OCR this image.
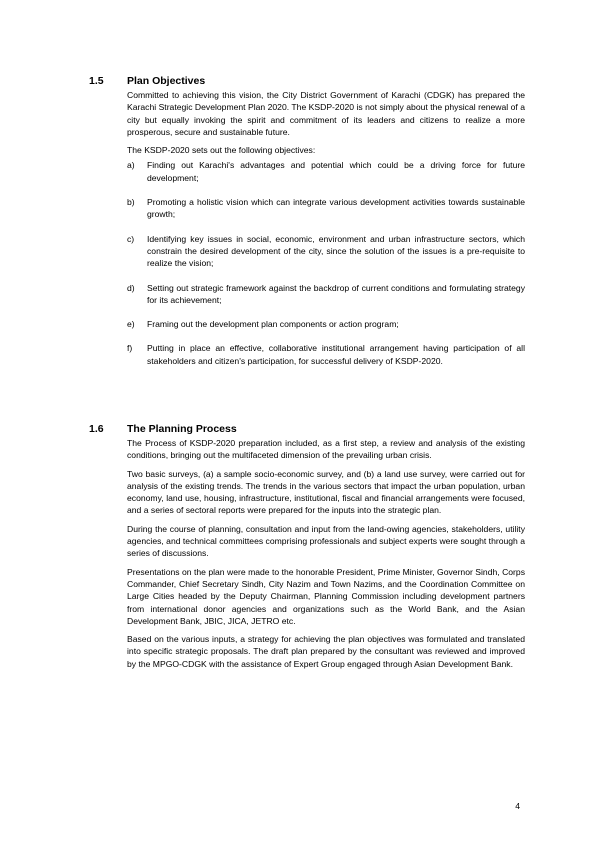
1.5 Plan Objectives

Committed to achieving this vision, the City District Government of Karachi (CDGK) has prepared the Karachi Strategic Development Plan 2020. The KSDP-2020 is not simply about the physical renewal of a city but equally invoking the spirit and commitment of its leaders and citizens to realize a more prosperous, secure and sustainable future.

The KSDP-2020 sets out the following objectives:

a) Finding out Karachi's advantages and potential which could be a driving force for future development;
b) Promoting a holistic vision which can integrate various development activities towards sustainable growth;
c) Identifying key issues in social, economic, environment and urban infrastructure sectors, which constrain the desired development of the city, since the solution of the issues is a pre-requisite to realize the vision;
d) Setting out strategic framework against the backdrop of current conditions and formulating strategy for its achievement;
e) Framing out the development plan components or action program;
f) Putting in place an effective, collaborative institutional arrangement having participation of all stakeholders and citizen's participation, for successful delivery of KSDP-2020.
1.6 The Planning Process

The Process of KSDP-2020 preparation included, as a first step, a review and analysis of the existing conditions, bringing out the multifaceted dimension of the prevailing urban crisis.

Two basic surveys, (a) a sample socio-economic survey, and (b) a land use survey, were carried out for analysis of the existing trends. The trends in the various sectors that impact the urban population, urban economy, land use, housing, infrastructure, institutional, fiscal and financial arrangements were focused, and a series of sectoral reports were prepared for the inputs into the strategic plan.

During the course of planning, consultation and input from the land-owing agencies, stakeholders, utility agencies, and technical committees comprising professionals and subject experts were sought through a series of discussions.

Presentations on the plan were made to the honorable President, Prime Minister, Governor Sindh, Corps Commander, Chief Secretary Sindh, City Nazim and Town Nazims, and the Coordination Committee on Large Cities headed by the Deputy Chairman, Planning Commission including development partners from international donor agencies and organizations such as the World Bank, and the Asian Development Bank, JBIC, JICA, JETRO etc.

Based on the various inputs, a strategy for achieving the plan objectives was formulated and translated into specific strategic proposals. The draft plan prepared by the consultant was reviewed and improved by the MPGO-CDGK with the assistance of Expert Group engaged through Asian Development Bank.

4
